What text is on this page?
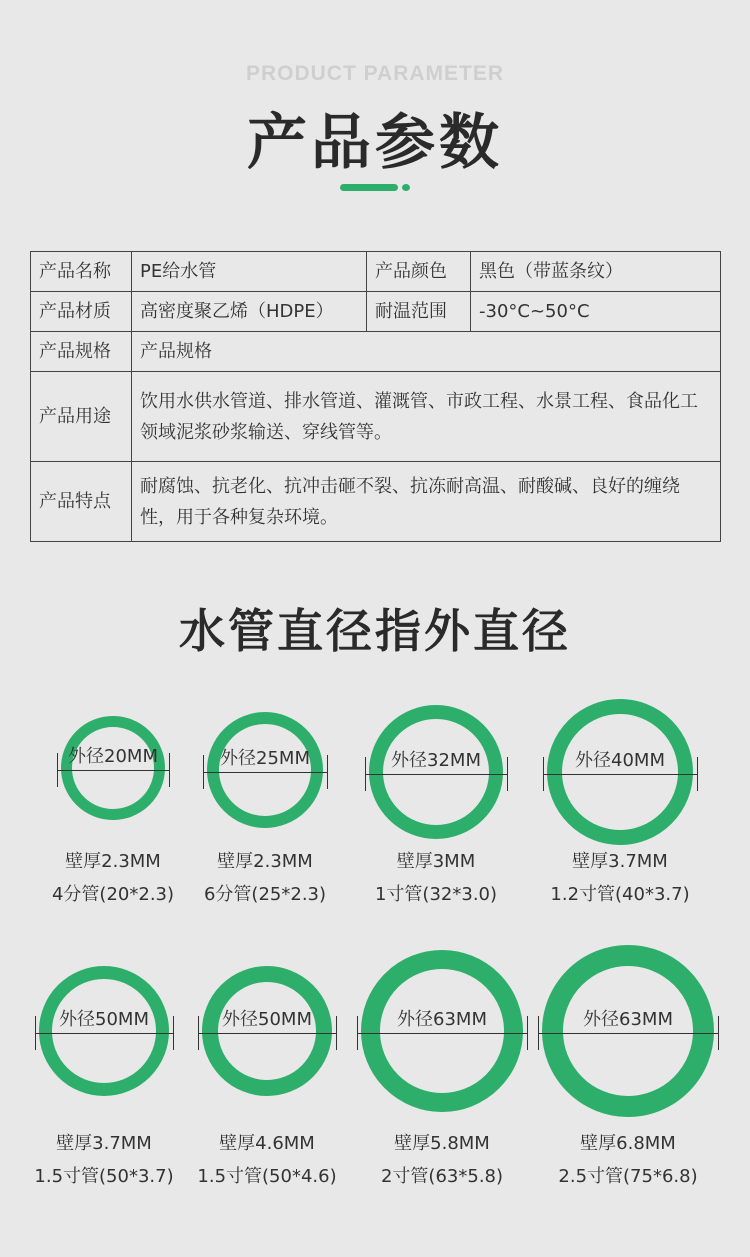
PRODUCT PARAMETER
产品参数
产品名称	PE给水管	产品颜色	黑色（带蓝条纹）
产品材质	高密度聚乙烯（HDPE）	耐温范围	-30°C~50°C
产品规格	产品规格		
产品用途	饮用水供水管道、排水管道、灌溉管、市政工程、水景工程、食品化工领域泥浆砂浆输送、穿线管等。		
产品特点	耐腐蚀、抗老化、抗冲击砸不裂、抗冻耐高温、耐酸碱、良好的缠绕性，用于各种复杂环境。		
水管直径指外直径
外径20MM
壁厚2.3MM
4分管(20*2.3)
外径25MM
壁厚2.3MM
6分管(25*2.3)
外径32MM
壁厚3MM
1寸管(32*3.0)
外径40MM
壁厚3.7MM
1.2寸管(40*3.7)
外径50MM
壁厚3.7MM
1.5寸管(50*3.7)
外径50MM
壁厚4.6MM
1.5寸管(50*4.6)
外径63MM
壁厚5.8MM
2寸管(63*5.8)
外径63MM
壁厚6.8MM
2.5寸管(75*6.8)
